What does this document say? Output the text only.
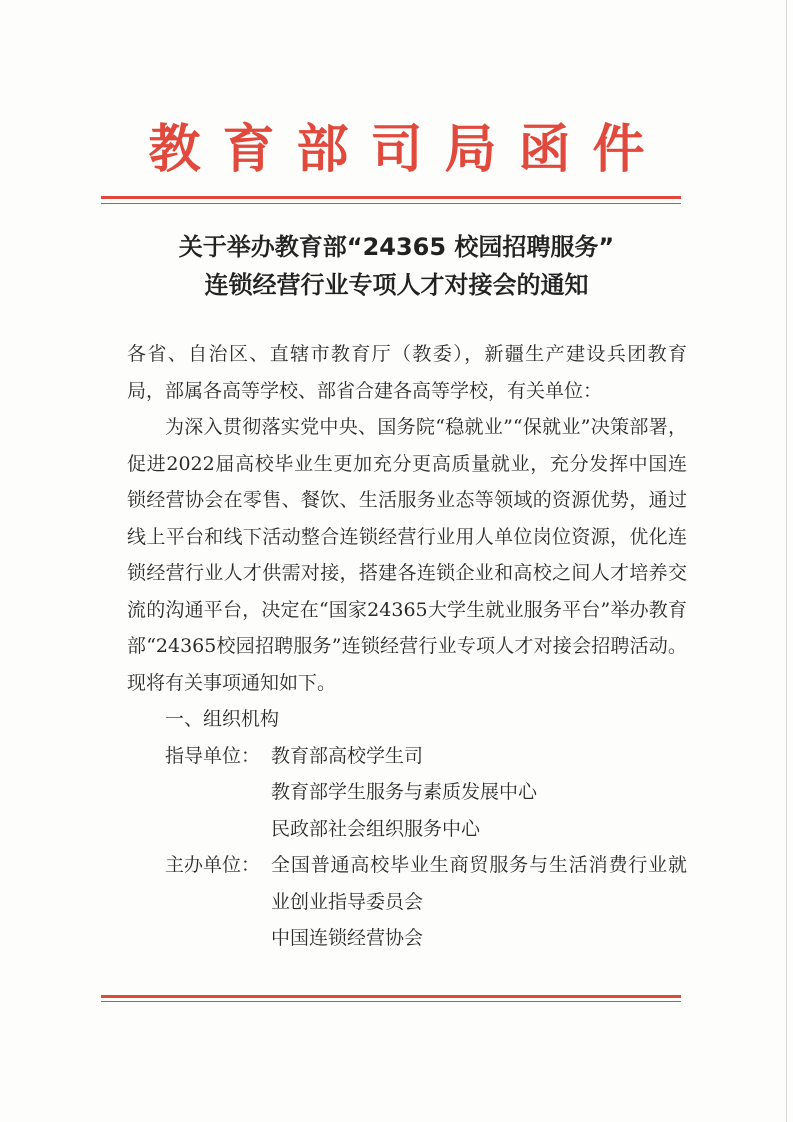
教育部司局函件
关于举办教育部“24365 校园招聘服务”
连锁经营行业专项人才对接会的通知

各省、自治区、直辖市教育厅（教委），新疆生产建设兵团教育局，部属各高等学校、部省合建各高等学校，有关单位：

为深入贯彻落实党中央、国务院“稳就业”“保就业”决策部署，促进2022届高校毕业生更加充分更高质量就业，充分发挥中国连锁经营协会在零售、餐饮、生活服务业态等领域的资源优势，通过线上平台和线下活动整合连锁经营行业用人单位岗位资源，优化连锁经营行业人才供需对接，搭建各连锁企业和高校之间人才培养交流的沟通平台，决定在“国家24365大学生就业服务平台”举办教育部“24365校园招聘服务”连锁经营行业专项人才对接会招聘活动。现将有关事项通知如下。

一、组织机构
指导单位： 教育部高校学生司
教育部学生服务与素质发展中心
民政部社会组织服务中心
主办单位： 全国普通高校毕业生商贸服务与生活消费行业就业创业指导委员会
中国连锁经营协会
